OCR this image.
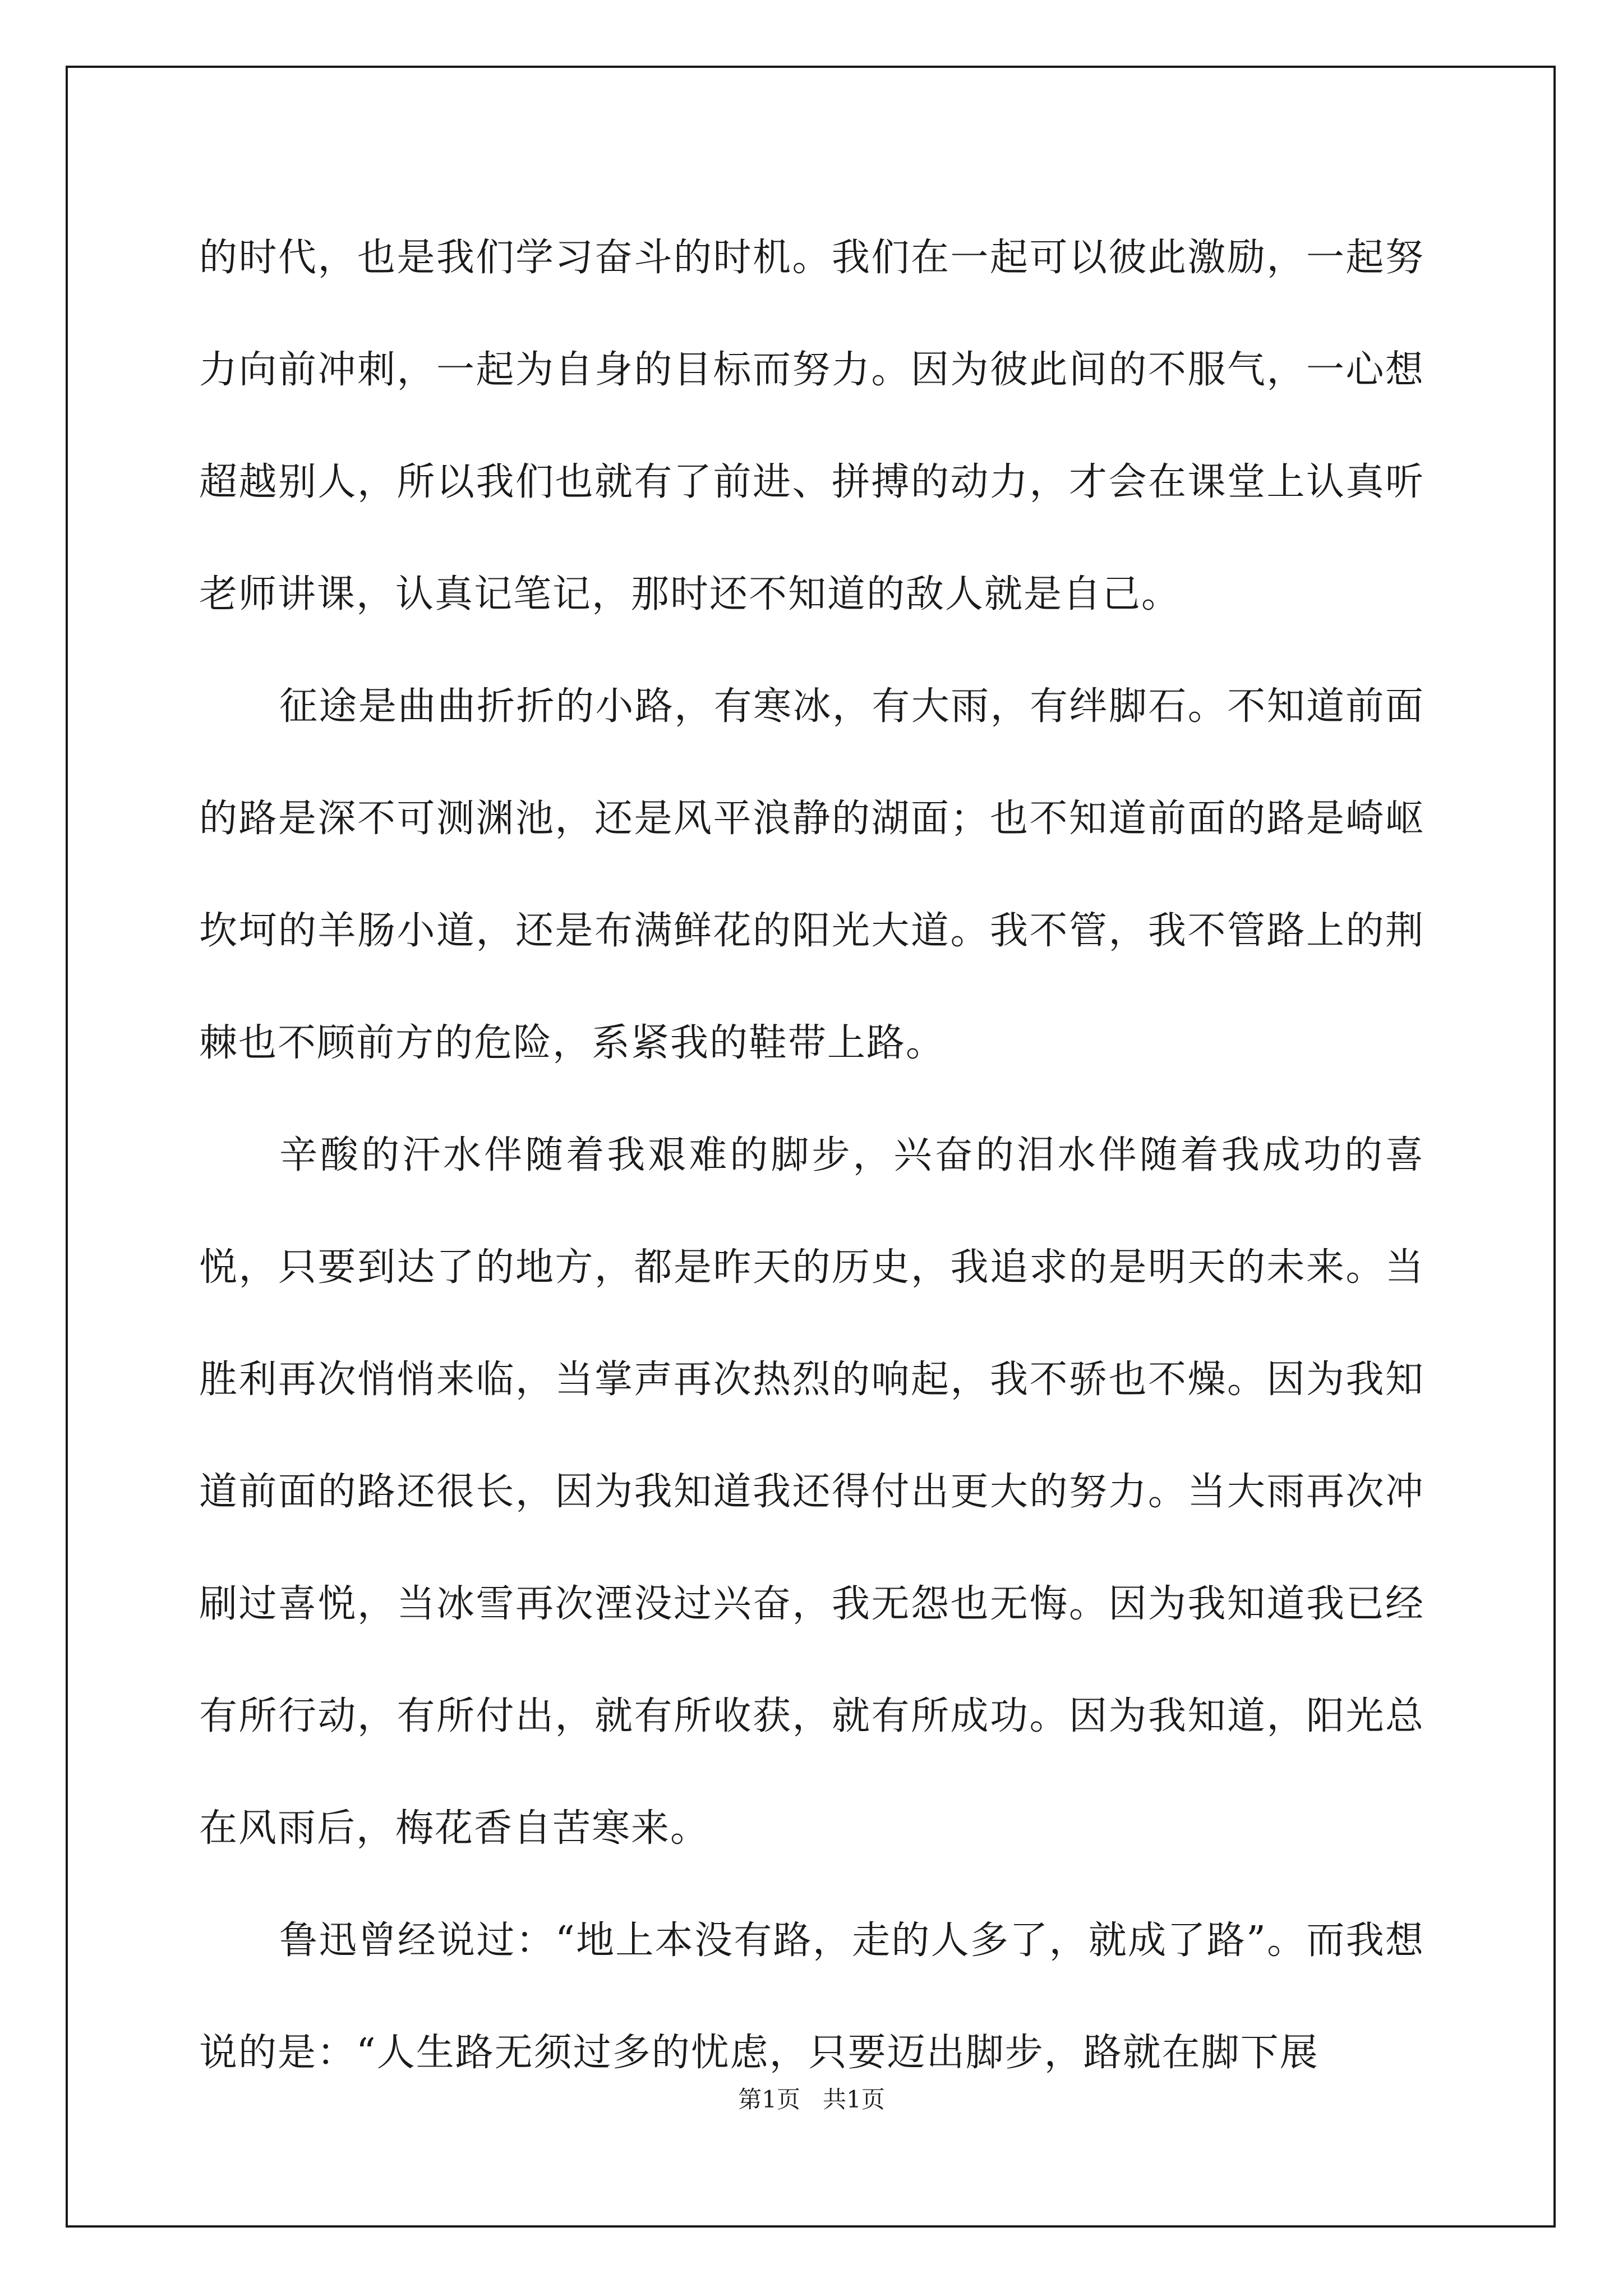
的时代，也是我们学习奋斗的时机。我们在一起可以彼此激励，一起努力向前冲刺，一起为自身的目标而努力。因为彼此间的不服气，一心想超越别人，所以我们也就有了前进、拼搏的动力，才会在课堂上认真听老师讲课，认真记笔记，那时还不知道的敌人就是自己。

征途是曲曲折折的小路，有寒冰，有大雨，有绊脚石。不知道前面的路是深不可测渊池，还是风平浪静的湖面；也不知道前面的路是崎岖坎坷的羊肠小道，还是布满鲜花的阳光大道。我不管，我不管路上的荆棘也不顾前方的危险，系紧我的鞋带上路。

辛酸的汗水伴随着我艰难的脚步，兴奋的泪水伴随着我成功的喜悦，只要到达了的地方，都是昨天的历史，我追求的是明天的未来。当胜利再次悄悄来临，当掌声再次热烈的响起，我不骄也不燥。因为我知道前面的路还很长，因为我知道我还得付出更大的努力。当大雨再次冲刷过喜悦，当冰雪再次湮没过兴奋，我无怨也无悔。因为我知道我已经有所行动，有所付出，就有所收获，就有所成功。因为我知道，阳光总在风雨后，梅花香自苦寒来。

鲁迅曾经说过：“地上本没有路，走的人多了，就成了路”。而我想说的是：“人生路无须过多的忧虑，只要迈出脚步，路就在脚下展

第1页   共1页
